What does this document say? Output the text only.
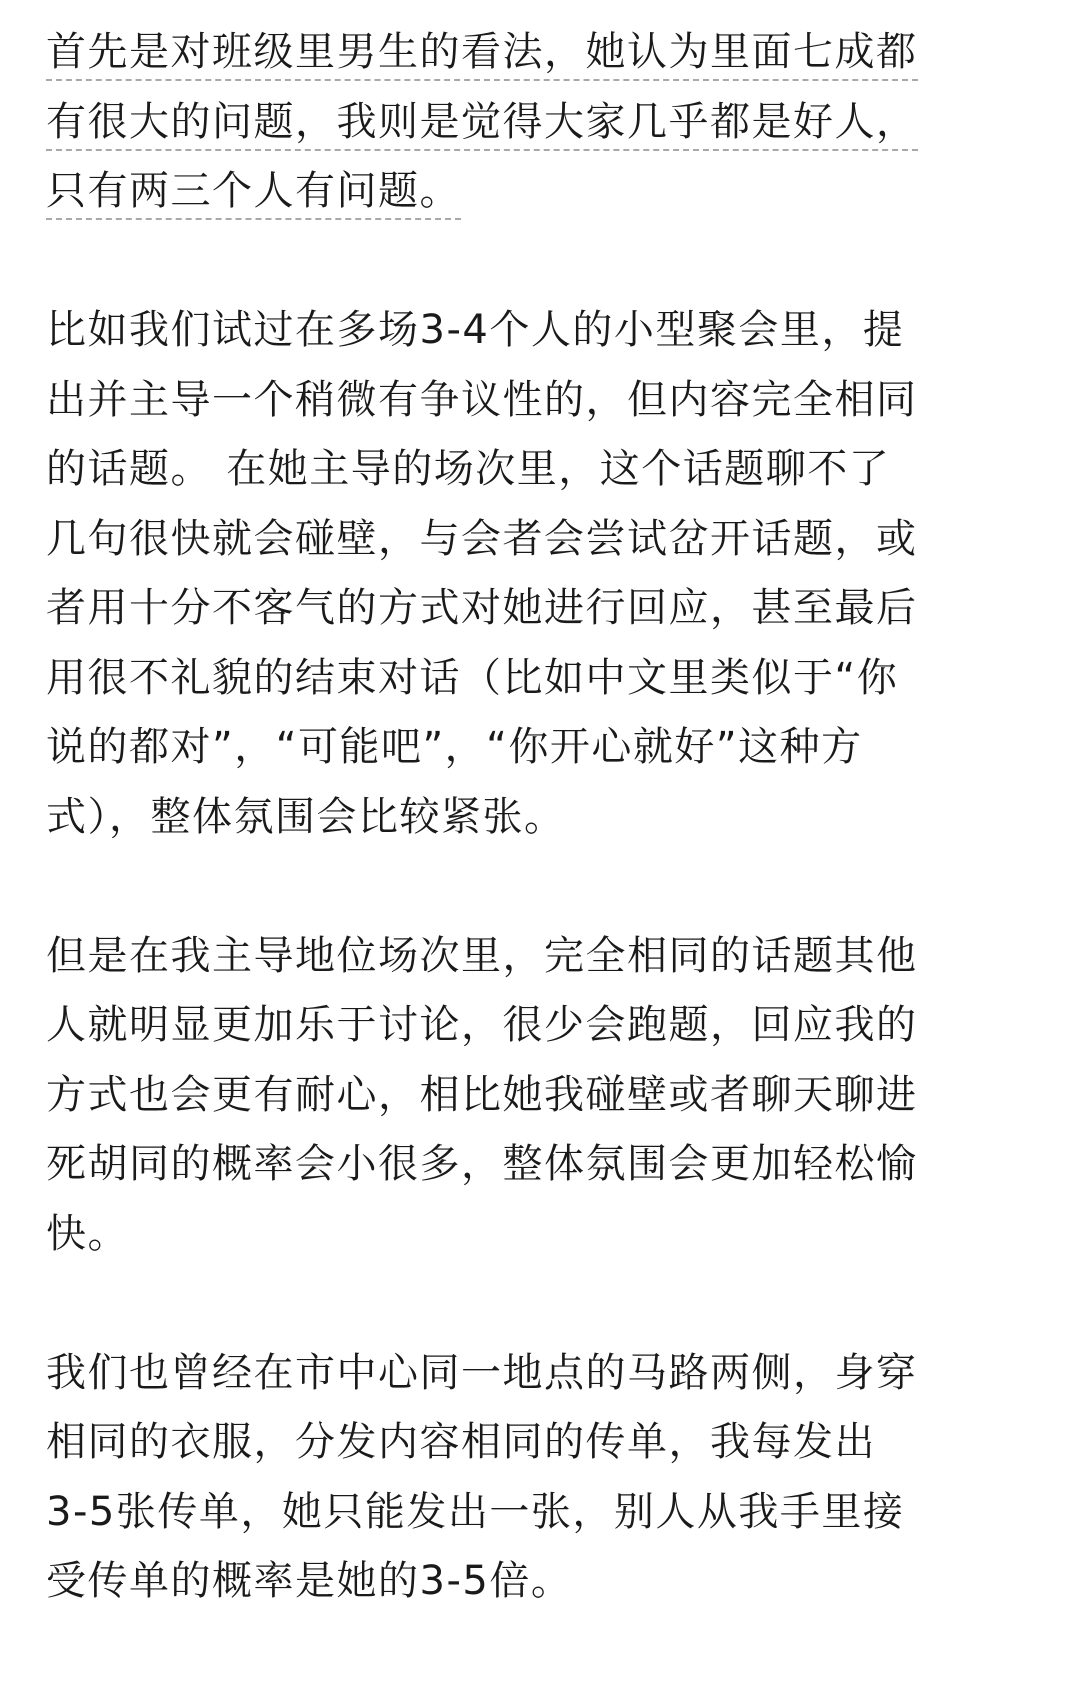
首先是对班级里男生的看法，她认为里面七成都
有很大的问题，我则是觉得大家几乎都是好人，
只有两三个人有问题。

比如我们试过在多场3-4个人的小型聚会里，提
出并主导一个稍微有争议性的，但内容完全相同
的话题。 在她主导的场次里，这个话题聊不了
几句很快就会碰壁，与会者会尝试岔开话题，或
者用十分不客气的方式对她进行回应，甚至最后
用很不礼貌的结束对话（比如中文里类似于“你
说的都对”，“可能吧”，“你开心就好”这种方
式），整体氛围会比较紧张。

但是在我主导地位场次里，完全相同的话题其他
人就明显更加乐于讨论，很少会跑题，回应我的
方式也会更有耐心，相比她我碰壁或者聊天聊进
死胡同的概率会小很多，整体氛围会更加轻松愉
快。

我们也曾经在市中心同一地点的马路两侧，身穿
相同的衣服，分发内容相同的传单，我每发出
3-5张传单，她只能发出一张，别人从我手里接
受传单的概率是她的3-5倍。
